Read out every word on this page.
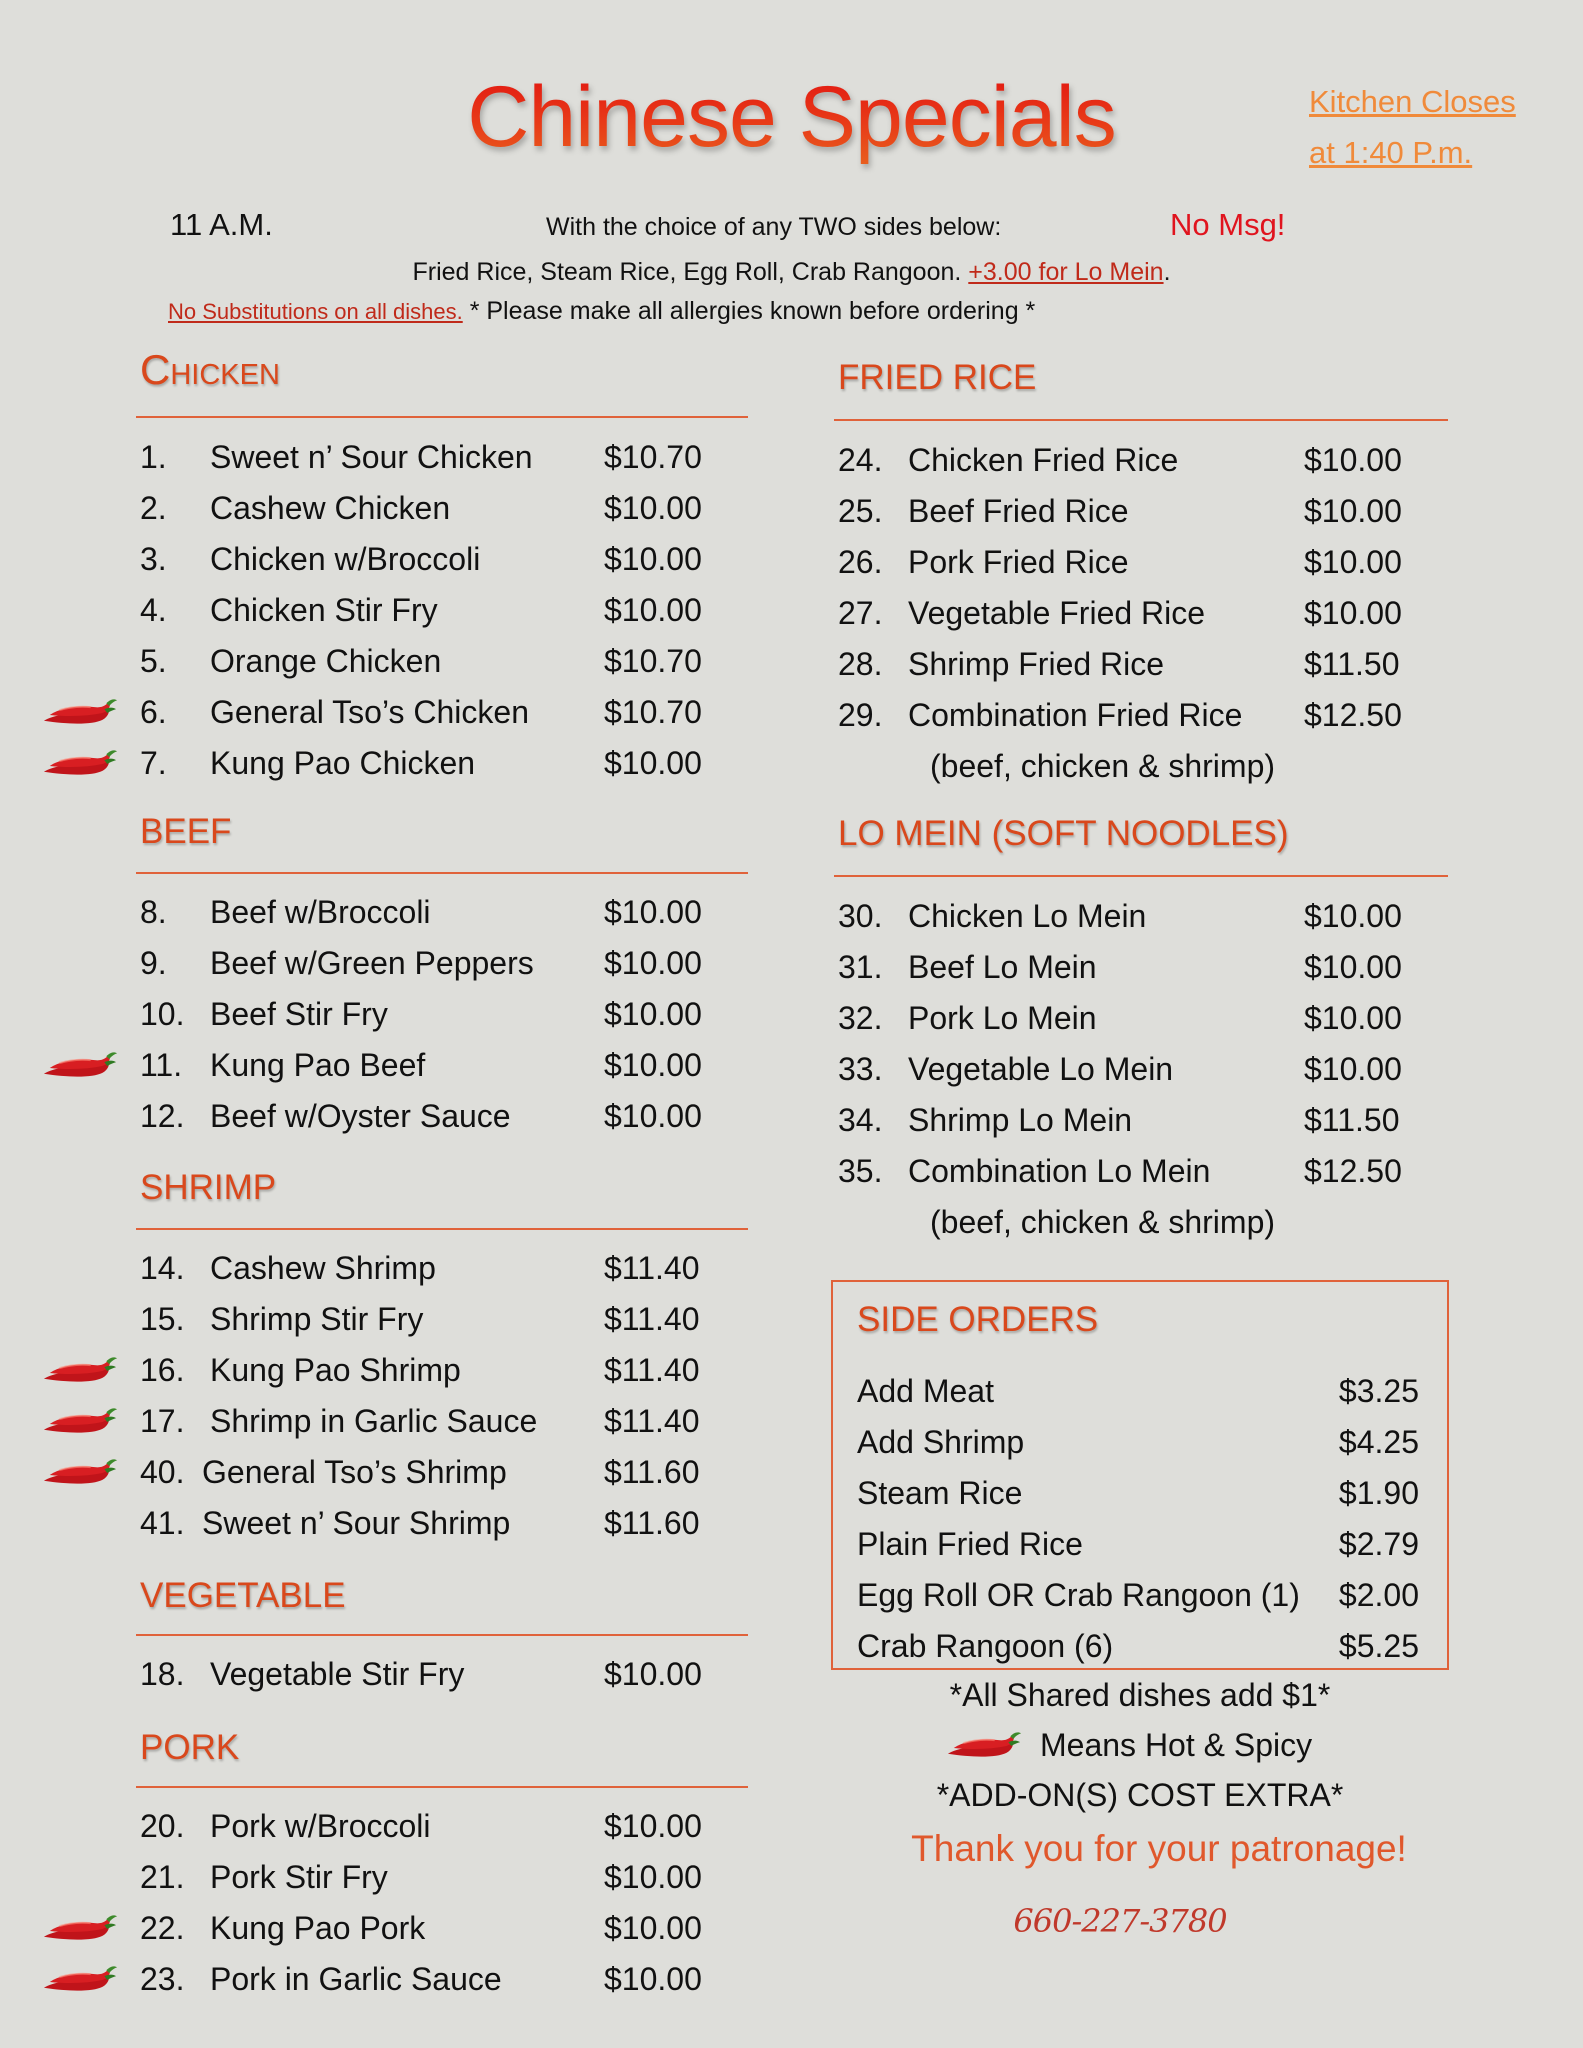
Chinese Specials	Kitchen Closes
at 1:40 P.m.
11 A.M.	With the choice of any TWO sides below:	No Msg!
Fried Rice, Steam Rice, Egg Roll, Crab Rangoon. +3.00 for Lo Mein.
No Substitutions on all dishes. * Please make all allergies known before ordering *
Chicken
1. Sweet n’ Sour Chicken $10.70
2. Cashew Chicken	$10.00
3. Chicken w/Broccoli	$10.00
4. Chicken Stir Fry	$10.00
5. Orange Chicken	$10.70
6. General Tso’s Chicken $10.70
7. Kung Pao Chicken	$10.00
BEEF
8. Beef w/Broccoli	$10.00
9. Beef w/Green Peppers $10.00
10. Beef Stir Fry	$10.00
11. Kung Pao Beef	$10.00
12. Beef w/Oyster Sauce	$10.00
SHRIMP
14. Cashew Shrimp	$11.40
15. Shrimp Stir Fry	$11.40
16. Kung Pao Shrimp	$11.40
17. Shrimp in Garlic Sauce $11.40
40. General Tso’s Shrimp	$11.60
41. Sweet n’ Sour Shrimp	$11.60
VEGETABLE
18. Vegetable Stir Fry	$10.00
PORK
20. Pork w/Broccoli	$10.00
21. Pork Stir Fry	$10.00
22. Kung Pao Pork	$10.00
23. Pork in Garlic Sauce	$10.00
FRIED RICE
24. Chicken Fried Rice	$10.00
25. Beef Fried Rice	$10.00
26. Pork Fried Rice	$10.00
27. Vegetable Fried Rice	$10.00
28. Shrimp Fried Rice	$11.50
29. Combination Fried Rice $12.50
(beef, chicken & shrimp)
LO MEIN (SOFT NOODLES)
30. Chicken Lo Mein	$10.00
31. Beef Lo Mein	$10.00
32. Pork Lo Mein	$10.00
33. Vegetable Lo Mein	$10.00
34. Shrimp Lo Mein	$11.50
35. Combination Lo Mein	$12.50
(beef, chicken & shrimp)
SIDE ORDERS
Add Meat	$3.25
Add Shrimp	$4.25
Steam Rice	$1.90
Plain Fried Rice	$2.79
Egg Roll OR Crab Rangoon (1) $2.00
Crab Rangoon (6)	$5.25
*All Shared dishes add $1*
Means Hot & Spicy
*ADD-ON(S) COST EXTRA*
Thank you for your patronage!
660-227-3780
